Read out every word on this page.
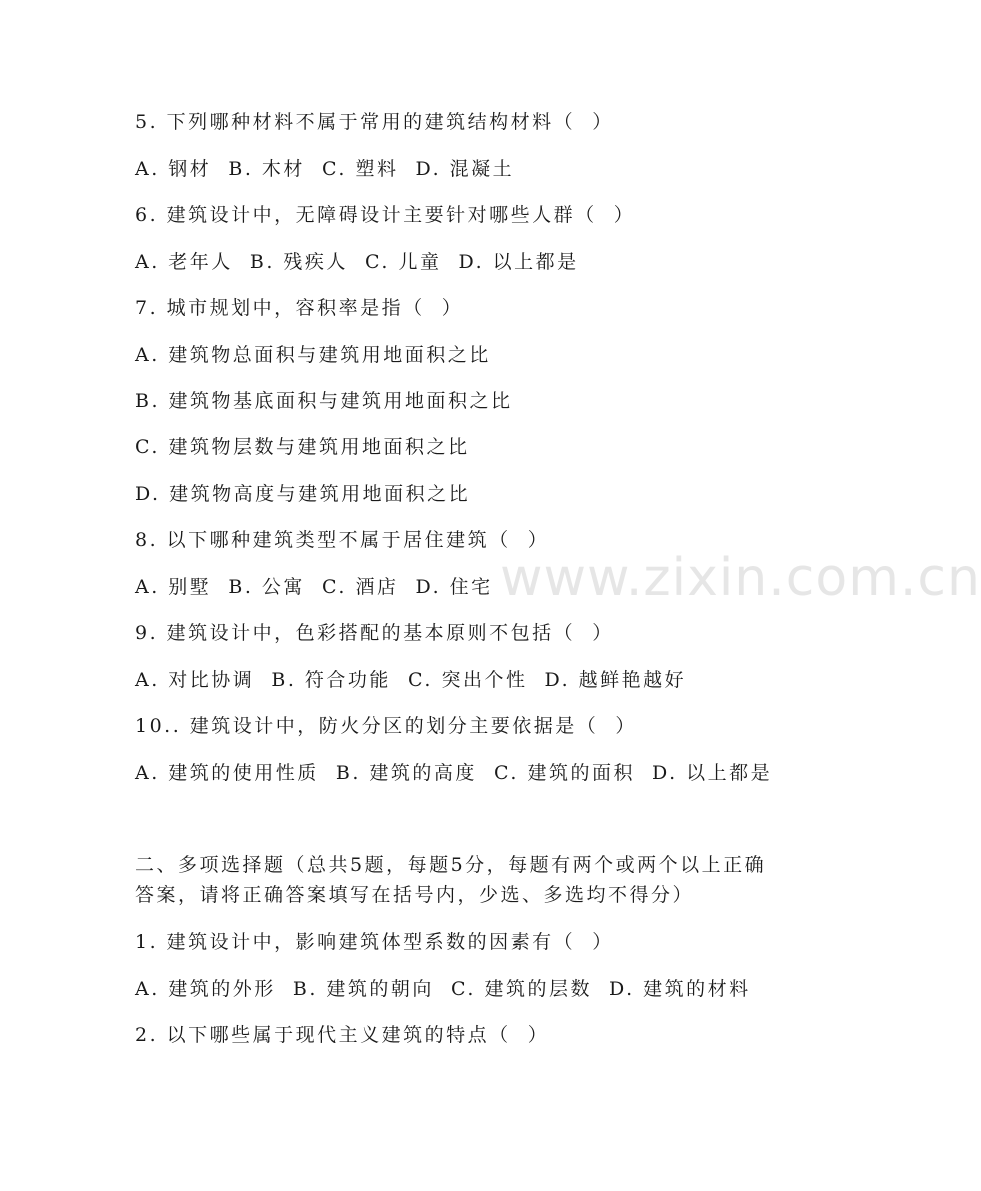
www.zixin.com.cn
5. 下列哪种材料不属于常用的建筑结构材料（  ）
A. 钢材  B. 木材  C. 塑料  D. 混凝土
6. 建筑设计中，无障碍设计主要针对哪些人群（  ）
A. 老年人  B. 残疾人  C. 儿童  D. 以上都是
7. 城市规划中，容积率是指（  ）
A. 建筑物总面积与建筑用地面积之比
B. 建筑物基底面积与建筑用地面积之比
C. 建筑物层数与建筑用地面积之比
D. 建筑物高度与建筑用地面积之比
8. 以下哪种建筑类型不属于居住建筑（  ）
A. 别墅  B. 公寓  C. 酒店  D. 住宅
9. 建筑设计中，色彩搭配的基本原则不包括（  ）
A. 对比协调  B. 符合功能  C. 突出个性  D. 越鲜艳越好
10.. 建筑设计中，防火分区的划分主要依据是（  ）
A. 建筑的使用性质  B. 建筑的高度  C. 建筑的面积  D. 以上都是
二、多项选择题（总共5题，每题5分，每题有两个或两个以上正确答案，请将正确答案填写在括号内，少选、多选均不得分）
1. 建筑设计中，影响建筑体型系数的因素有（  ）
A. 建筑的外形  B. 建筑的朝向  C. 建筑的层数  D. 建筑的材料
2. 以下哪些属于现代主义建筑的特点（  ）
